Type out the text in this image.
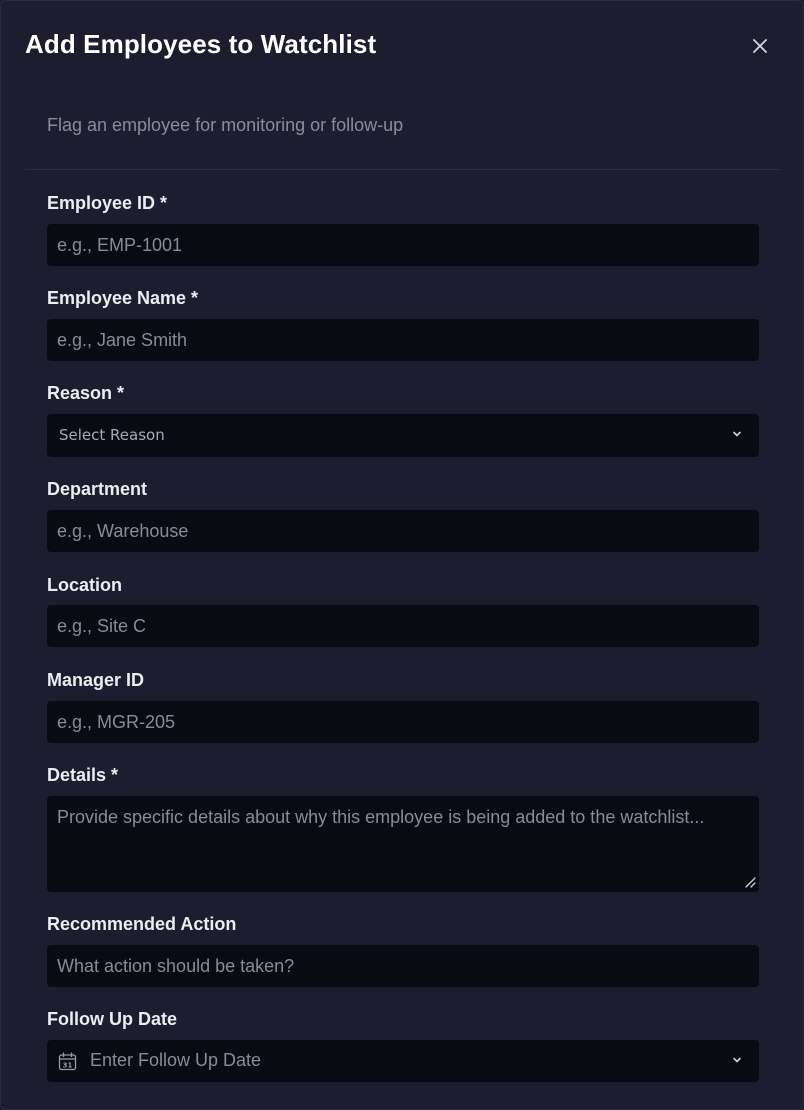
Add Employees to Watchlist
Flag an employee for monitoring or follow-up
Employee ID *
e.g., EMP-1001
Employee Name *
e.g., Jane Smith
Reason *
Select Reason
Department
e.g., Warehouse
Location
e.g., Site C
Manager ID
e.g., MGR-205
Details *
Provide specific details about why this employee is being added to the watchlist...
Recommended Action
What action should be taken?
Follow Up Date
31 Enter Follow Up Date
